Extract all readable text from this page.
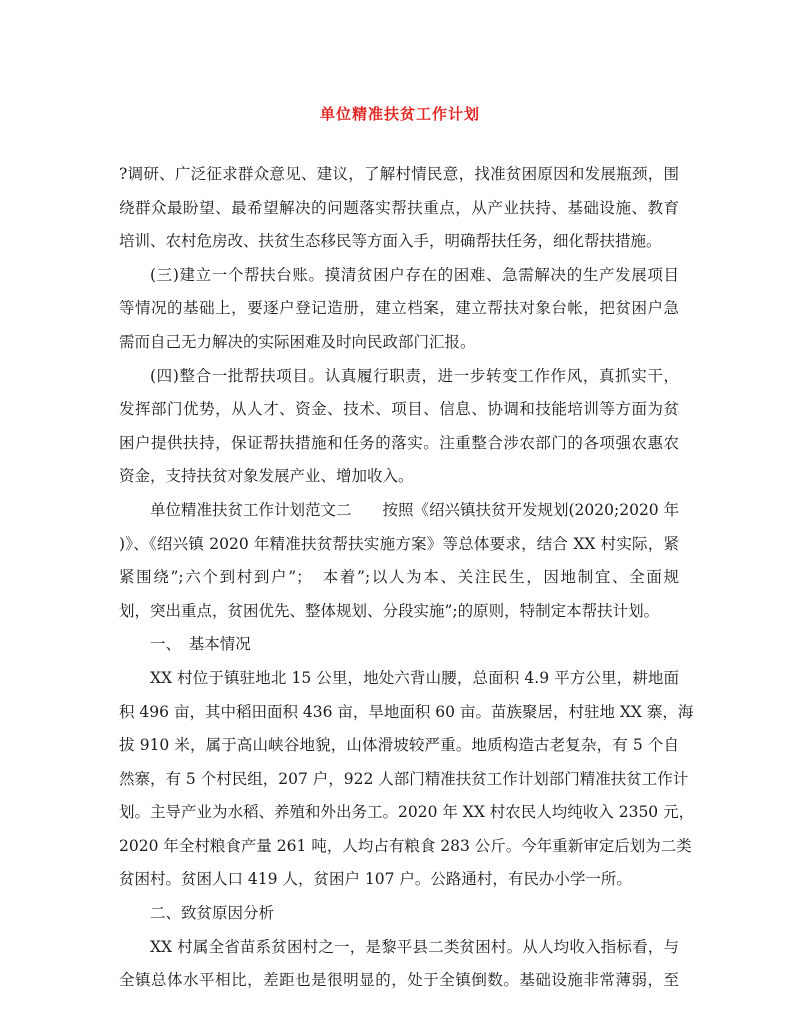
单位精准扶贫工作计划
?调研、广泛征求群众意见、建议，了解村情民意，找准贫困原因和发展瓶颈，围
绕群众最盼望、最希望解决的问题落实帮扶重点，从产业扶持、基础设施、教育
培训、农村危房改、扶贫生态移民等方面入手，明确帮扶任务，细化帮扶措施。
(三)建立一个帮扶台账。摸清贫困户存在的困难、急需解决的生产发展项目
等情况的基础上，要逐户登记造册，建立档案，建立帮扶对象台帐，把贫困户急
需而自己无力解决的实际困难及时向民政部门汇报。
(四)整合一批帮扶项目。认真履行职责，进一步转变工作作风，真抓实干，
发挥部门优势，从人才、资金、技术、项目、信息、协调和技能培训等方面为贫
困户提供扶持，保证帮扶措施和任务的落实。注重整合涉农部门的各项强农惠农
资金，支持扶贫对象发展产业、增加收入。
单位精准扶贫工作计划范文二　　按照《绍兴镇扶贫开发规划(2020;2020 年
)》、《绍兴镇 2020 年精准扶贫帮扶实施方案》等总体要求，结合 XX 村实际，紧
紧围绕”;六个到村到户”；　本着”;以人为本、关注民生，因地制宜、全面规
划，突出重点，贫困优先、整体规划、分段实施”;的原则，特制定本帮扶计划。
一、　基本情况
XX 村位于镇驻地北 15 公里，地处六背山腰，总面积 4.9 平方公里，耕地面
积 496 亩，其中稻田面积 436 亩，旱地面积 60 亩。苗族聚居，村驻地 XX 寨，海
拔 910 米，属于高山峡谷地貌，山体滑坡较严重。地质构造古老复杂，有 5 个自
然寨，有 5 个村民组，207 户，922 人部门精准扶贫工作计划部门精准扶贫工作计
划。主导产业为水稻、养殖和外出务工。2020 年 XX 村农民人均纯收入 2350 元，
2020 年全村粮食产量 261 吨，人均占有粮食 283 公斤。今年重新审定后划为二类
贫困村。贫困人口 419 人，贫困户 107 户。公路通村，有民办小学一所。
二、致贫原因分析
XX 村属全省苗系贫困村之一，是黎平县二类贫困村。从人均收入指标看，与
全镇总体水平相比，差距也是很明显的，处于全镇倒数。基础设施非常薄弱，至
